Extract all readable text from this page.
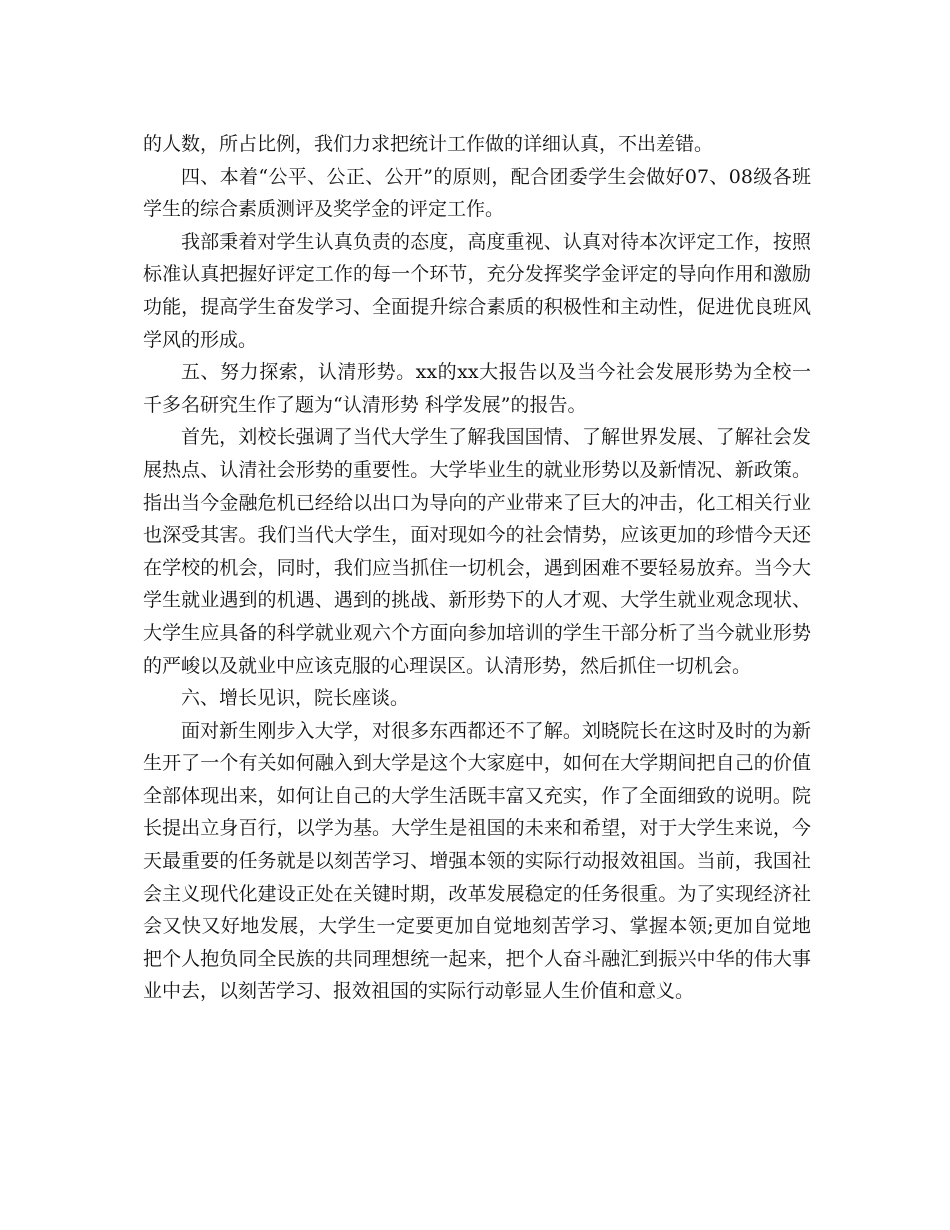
的人数，所占比例，我们力求把统计工作做的详细认真，不出差错。

四、本着“公平、公正、公开”的原则，配合团委学生会做好07、08级各班学生的综合素质测评及奖学金的评定工作。

我部秉着对学生认真负责的态度，高度重视、认真对待本次评定工作，按照标准认真把握好评定工作的每一个环节，充分发挥奖学金评定的导向作用和激励功能，提高学生奋发学习、全面提升综合素质的积极性和主动性，促进优良班风学风的形成。

五、努力探索，认清形势。xx的xx大报告以及当今社会发展形势为全校一千多名研究生作了题为“认清形势 科学发展”的报告。

首先，刘校长强调了当代大学生了解我国国情、了解世界发展、了解社会发展热点、认清社会形势的重要性。大学毕业生的就业形势以及新情况、新政策。指出当今金融危机已经给以出口为导向的产业带来了巨大的冲击，化工相关行业也深受其害。我们当代大学生，面对现如今的社会情势，应该更加的珍惜今天还在学校的机会，同时，我们应当抓住一切机会，遇到困难不要轻易放弃。当今大学生就业遇到的机遇、遇到的挑战、新形势下的人才观、大学生就业观念现状、大学生应具备的科学就业观六个方面向参加培训的学生干部分析了当今就业形势的严峻以及就业中应该克服的心理误区。认清形势，然后抓住一切机会。

六、增长见识，院长座谈。

面对新生刚步入大学，对很多东西都还不了解。刘晓院长在这时及时的为新生开了一个有关如何融入到大学是这个大家庭中，如何在大学期间把自己的价值全部体现出来，如何让自己的大学生活既丰富又充实，作了全面细致的说明。院长提出立身百行，以学为基。大学生是祖国的未来和希望，对于大学生来说，今天最重要的任务就是以刻苦学习、增强本领的实际行动报效祖国。当前，我国社会主义现代化建设正处在关键时期，改革发展稳定的任务很重。为了实现经济社会又快又好地发展，大学生一定要更加自觉地刻苦学习、掌握本领;更加自觉地把个人抱负同全民族的共同理想统一起来，把个人奋斗融汇到振兴中华的伟大事业中去，以刻苦学习、报效祖国的实际行动彰显人生价值和意义。
